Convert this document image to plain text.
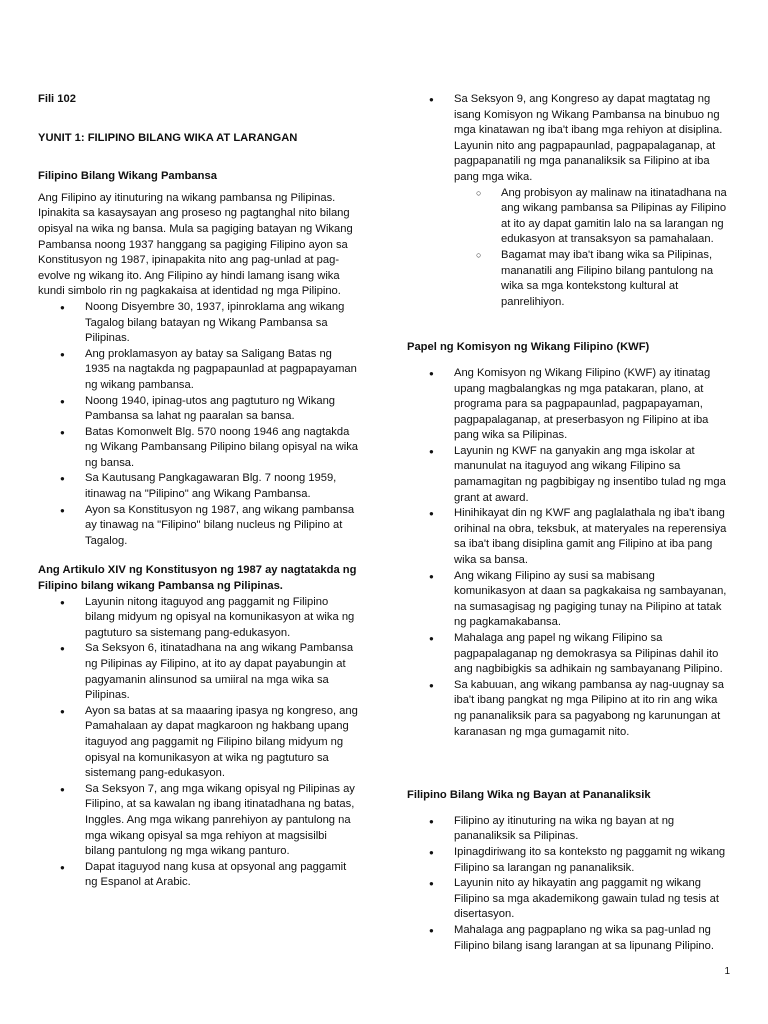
Fili 102

YUNIT 1: FILIPINO BILANG WIKA AT LARANGAN

Filipino Bilang Wikang Pambansa

Ang Filipino ay itinuturing na wikang pambansa ng Pilipinas. Ipinakita sa kasaysayan ang proseso ng pagtanghal nito bilang opisyal na wika ng bansa. Mula sa pagiging batayan ng Wikang Pambansa noong 1937 hanggang sa pagiging Filipino ayon sa Konstitusyon ng 1987, ipinapakita nito ang pag-unlad at pag-evolve ng wikang ito. Ang Filipino ay hindi lamang isang wika kundi simbolo rin ng pagkakaisa at identidad ng mga Pilipino.

● Noong Disyembre 30, 1937, ipinroklama ang wikang Tagalog bilang batayan ng Wikang Pambansa sa Pilipinas.
● Ang proklamasyon ay batay sa Saligang Batas ng 1935 na nagtakda ng pagpapaunlad at pagpapayaman ng wikang pambansa.
● Noong 1940, ipinag-utos ang pagtuturo ng Wikang Pambansa sa lahat ng paaralan sa bansa.
● Batas Komonwelt Blg. 570 noong 1946 ang nagtakda ng Wikang Pambansang Pilipino bilang opisyal na wika ng bansa.
● Sa Kautusang Pangkagawaran Blg. 7 noong 1959, itinawag na "Pilipino" ang Wikang Pambansa.
● Ayon sa Konstitusyon ng 1987, ang wikang pambansa ay tinawag na "Filipino" bilang nucleus ng Pilipino at Tagalog.

Ang Artikulo XIV ng Konstitusyon ng 1987 ay nagtatakda ng Filipino bilang wikang Pambansa ng Pilipinas.

● Layunin nitong itaguyod ang paggamit ng Filipino bilang midyum ng opisyal na komunikasyon at wika ng pagtuturo sa sistemang pang-edukasyon.
● Sa Seksyon 6, itinatadhana na ang wikang Pambansa ng Pilipinas ay Filipino, at ito ay dapat payabungin at pagyamanin alinsunod sa umiiral na mga wika sa Pilipinas.
● Ayon sa batas at sa maaaring ipasya ng kongreso, ang Pamahalaan ay dapat magkaroon ng hakbang upang itaguyod ang paggamit ng Filipino bilang midyum ng opisyal na komunikasyon at wika ng pagtuturo sa sistemang pang-edukasyon.
● Sa Seksyon 7, ang mga wikang opisyal ng Pilipinas ay Filipino, at sa kawalan ng ibang itinatadhana ng batas, Inggles. Ang mga wikang panrehiyon ay pantulong na mga wikang opisyal sa mga rehiyon at magsisilbi bilang pantulong ng mga wikang panturo.
● Dapat itaguyod nang kusa at opsyonal ang paggamit ng Espanol at Arabic.
● Sa Seksyon 9, ang Kongreso ay dapat magtatag ng isang Komisyon ng Wikang Pambansa na binubuo ng mga kinatawan ng iba't ibang mga rehiyon at disiplina. Layunin nito ang pagpapaunlad, pagpapalaganap, at pagpapanatili ng mga pananaliksik sa Filipino at iba pang mga wika.
○ Ang probisyon ay malinaw na itinatadhana na ang wikang pambansa sa Pilipinas ay Filipino at ito ay dapat gamitin lalo na sa larangan ng edukasyon at transaksyon sa pamahalaan.
○ Bagamat may iba't ibang wika sa Pilipinas, mananatili ang Filipino bilang pantulong na wika sa mga kontekstong kultural at panrelihiyon.

Papel ng Komisyon ng Wikang Filipino (KWF)

● Ang Komisyon ng Wikang Filipino (KWF) ay itinatag upang magbalangkas ng mga patakaran, plano, at programa para sa pagpapaunlad, pagpapayaman, pagpapalaganap, at preserbasyon ng Filipino at iba pang wika sa Pilipinas.
● Layunin ng KWF na ganyakin ang mga iskolar at manunulat na itaguyod ang wikang Filipino sa pamamagitan ng pagbibigay ng insentibo tulad ng mga grant at award.
● Hinihikayat din ng KWF ang paglalathala ng iba't ibang orihinal na obra, teksbuk, at materyales na reperensiya sa iba't ibang disiplina gamit ang Filipino at iba pang wika sa bansa.
● Ang wikang Filipino ay susi sa mabisang komunikasyon at daan sa pagkakaisa ng sambayanan, na sumasagisag ng pagiging tunay na Pilipino at tatak ng pagkamakabansa.
● Mahalaga ang papel ng wikang Filipino sa pagpapalaganap ng demokrasya sa Pilipinas dahil ito ang nagbibigkis sa adhikain ng sambayanang Pilipino.
● Sa kabuuan, ang wikang pambansa ay nag-uugnay sa iba't ibang pangkat ng mga Pilipino at ito rin ang wika ng pananaliksik para sa pagyabong ng karunungan at karanasan ng mga gumagamit nito.

Filipino Bilang Wika ng Bayan at Pananaliksik

● Filipino ay itinuturing na wika ng bayan at ng pananaliksik sa Pilipinas.
● Ipinagdiriwang ito sa konteksto ng paggamit ng wikang Filipino sa larangan ng pananaliksik.
● Layunin nito ay hikayatin ang paggamit ng wikang Filipino sa mga akademikong gawain tulad ng tesis at disertasyon.
● Mahalaga ang pagpaplano ng wika sa pag-unlad ng Filipino bilang isang larangan at sa lipunang Pilipino.
1
